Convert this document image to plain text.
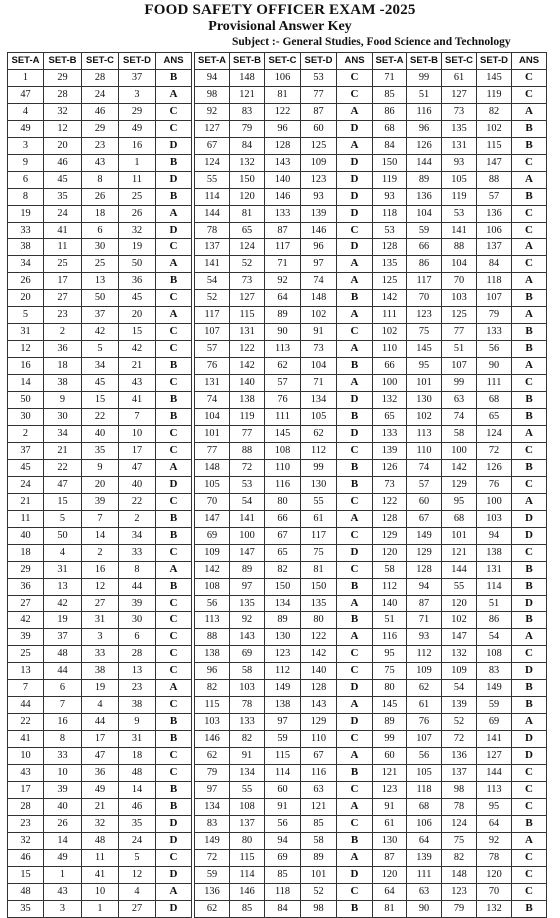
FOOD SAFETY OFFICER EXAM -2025
Provisional Answer Key
Subject :- General Studies, Food Science and Technology
SET-A	SET-B	SET-C	SET-D	ANS
1	29	28	37	B
47	28	24	3	A
4	32	46	29	C
49	12	29	49	C
3	20	23	16	D
9	46	43	1	B
6	45	8	11	D
8	35	26	25	B
19	24	18	26	A
33	41	6	32	D
38	11	30	19	C
34	25	25	50	A
26	17	13	36	B
20	27	50	45	C
5	23	37	20	A
31	2	42	15	C
12	36	5	42	C
16	18	34	21	B
14	38	45	43	C
50	9	15	41	B
30	30	22	7	B
2	34	40	10	C
37	21	35	17	C
45	22	9	47	A
24	47	20	40	D
21	15	39	22	C
11	5	7	2	B
40	50	14	34	B
18	4	2	33	C
29	31	16	8	A
36	13	12	44	B
27	42	27	39	C
42	19	31	30	C
39	37	3	6	C
25	48	33	28	C
13	44	38	13	C
7	6	19	23	A
44	7	4	38	C
22	16	44	9	B
41	8	17	31	B
10	33	47	18	C
43	10	36	48	C
17	39	49	14	B
28	40	21	46	B
23	26	32	35	D
32	14	48	24	D
46	49	11	5	C
15	1	41	12	D
48	43	10	4	A
35	3	1	27	D
SET-A	SET-B	SET-C	SET-D	ANS
94	148	106	53	C
98	121	81	77	C
92	83	122	87	A
127	79	96	60	D
67	84	128	125	A
124	132	143	109	D
55	150	140	123	D
114	120	146	93	D
144	81	133	139	D
78	65	87	146	C
137	124	117	96	D
141	52	71	97	A
54	73	92	74	A
52	127	64	148	B
117	115	89	102	A
107	131	90	91	C
57	122	113	73	A
76	142	62	104	B
131	140	57	71	A
74	138	76	134	D
104	119	111	105	B
101	77	145	62	D
77	88	108	112	C
148	72	110	99	B
105	53	116	130	B
70	54	80	55	C
147	141	66	61	A
69	100	67	117	C
109	147	65	75	D
142	89	82	81	C
108	97	150	150	B
56	135	134	135	A
113	92	89	80	B
88	143	130	122	A
138	69	123	142	C
96	58	112	140	C
82	103	149	128	D
115	78	138	143	A
103	133	97	129	D
146	82	59	110	C
62	91	115	67	A
79	134	114	116	B
97	55	60	63	C
134	108	91	121	A
83	137	56	85	C
149	80	94	58	B
72	115	69	89	A
59	114	85	101	D
136	146	118	52	C
62	85	84	98	B
SET-A	SET-B	SET-C	SET-D	ANS
71	99	61	145	C
85	51	127	119	C
86	116	73	82	A
68	96	135	102	B
84	126	131	115	B
150	144	93	147	C
119	89	105	88	A
93	136	119	57	B
118	104	53	136	C
53	59	141	106	C
128	66	88	137	A
135	86	104	84	C
125	117	70	118	A
142	70	103	107	B
111	123	125	79	A
102	75	77	133	B
110	145	51	56	B
66	95	107	90	A
100	101	99	111	C
132	130	63	68	B
65	102	74	65	B
133	113	58	124	A
139	110	100	72	C
126	74	142	126	B
73	57	129	76	C
122	60	95	100	A
128	67	68	103	D
129	149	101	94	D
120	129	121	138	C
58	128	144	131	B
112	94	55	114	B
140	87	120	51	D
51	71	102	86	B
116	93	147	54	A
95	112	132	108	C
75	109	109	83	D
80	62	54	149	B
145	61	139	59	B
89	76	52	69	A
99	107	72	141	D
60	56	136	127	D
121	105	137	144	C
123	118	98	113	C
91	68	78	95	C
61	106	124	64	B
130	64	75	92	A
87	139	82	78	C
120	111	148	120	C
64	63	123	70	C
81	90	79	132	B
